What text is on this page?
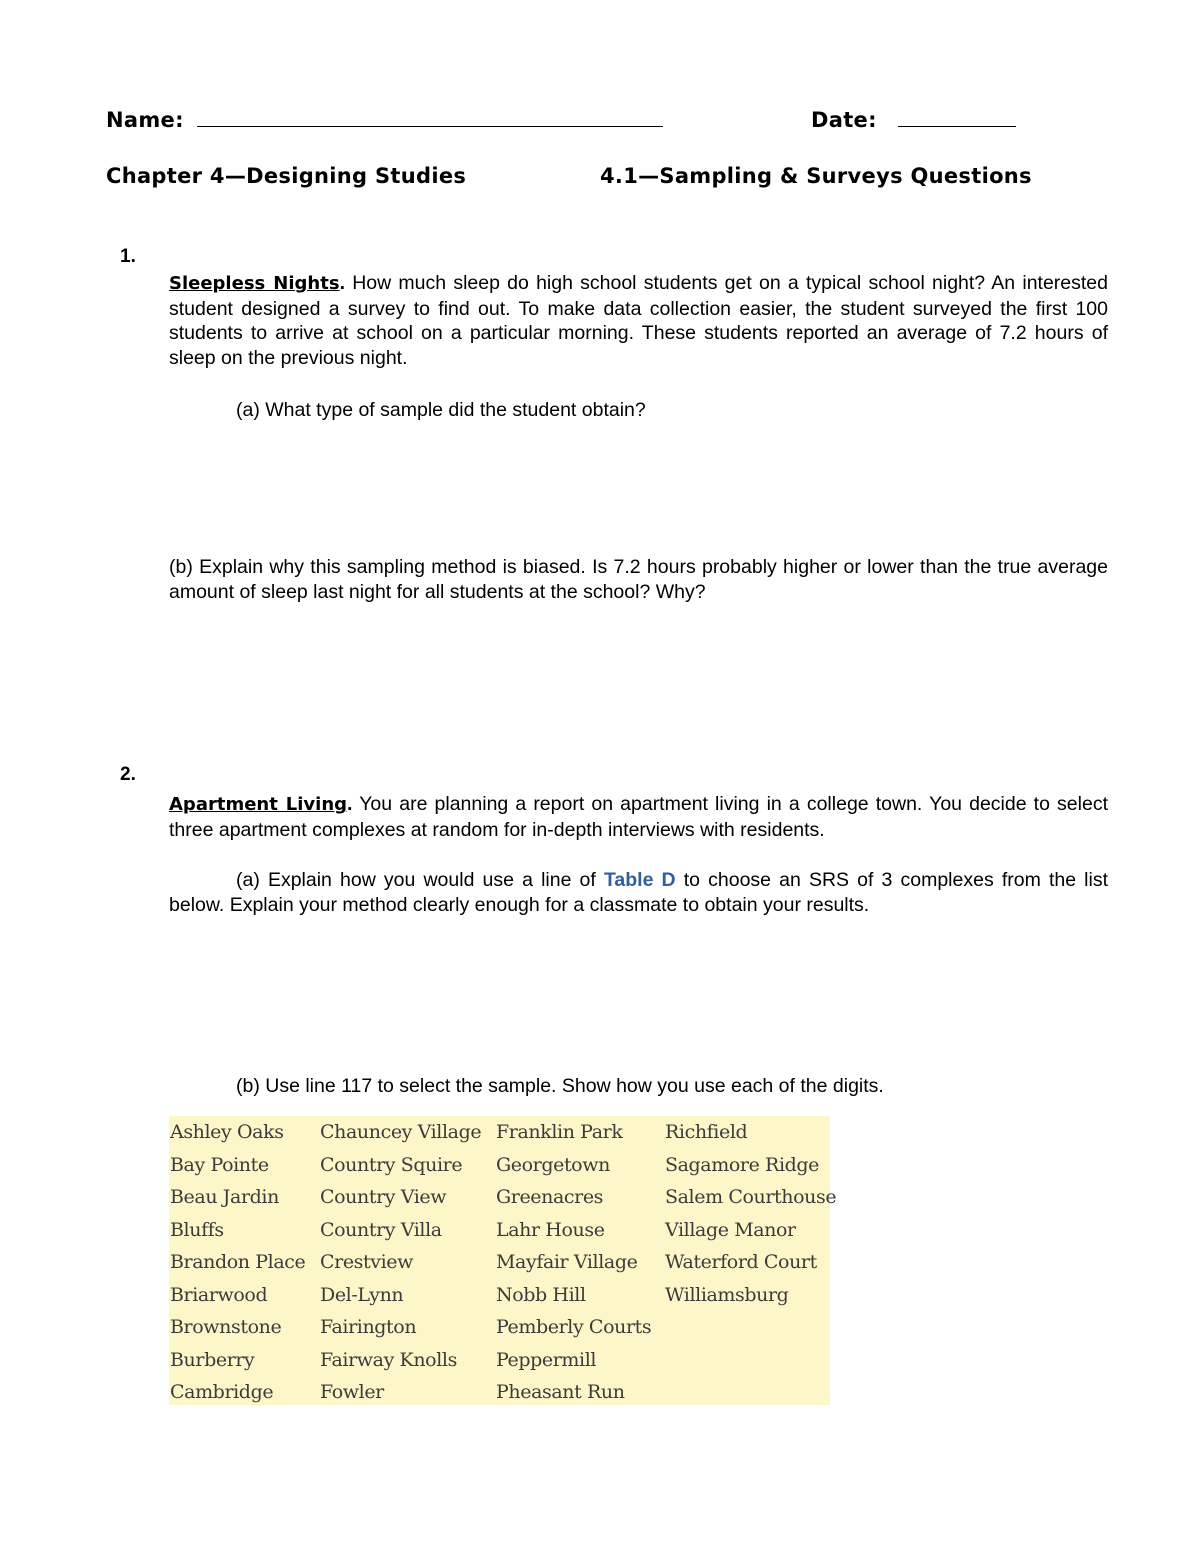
Name:	Date:
Chapter 4—Designing Studies	4.1—Sampling & Surveys Questions
1.
Sleepless Nights. How much sleep do high school students get on a typical school night? An interested student designed a survey to find out. To make data collection easier, the student surveyed the first 100 students to arrive at school on a particular morning. These students reported an average of 7.2 hours of sleep on the previous night.
(a) What type of sample did the student obtain?
(b) Explain why this sampling method is biased. Is 7.2 hours probably higher or lower than the true average amount of sleep last night for all students at the school? Why?
2.
Apartment Living. You are planning a report on apartment living in a college town. You decide to select three apartment complexes at random for in-depth interviews with residents.
(a) Explain how you would use a line of Table D to choose an SRS of 3 complexes from the list below. Explain your method clearly enough for a classmate to obtain your results.
(b) Use line 117 to select the sample. Show how you use each of the digits.
Ashley Oaks
Bay Pointe
Beau Jardin
Bluffs
Brandon Place
Briarwood
Brownstone
Burberry
Cambridge
Chauncey Village
Country Squire
Country View
Country Villa
Crestview
Del-Lynn
Fairington
Fairway Knolls
Fowler
Franklin Park
Georgetown
Greenacres
Lahr House
Mayfair Village
Nobb Hill
Pemberly Courts
Peppermill
Pheasant Run
Richfield
Sagamore Ridge
Salem Courthouse
Village Manor
Waterford Court
Williamsburg
